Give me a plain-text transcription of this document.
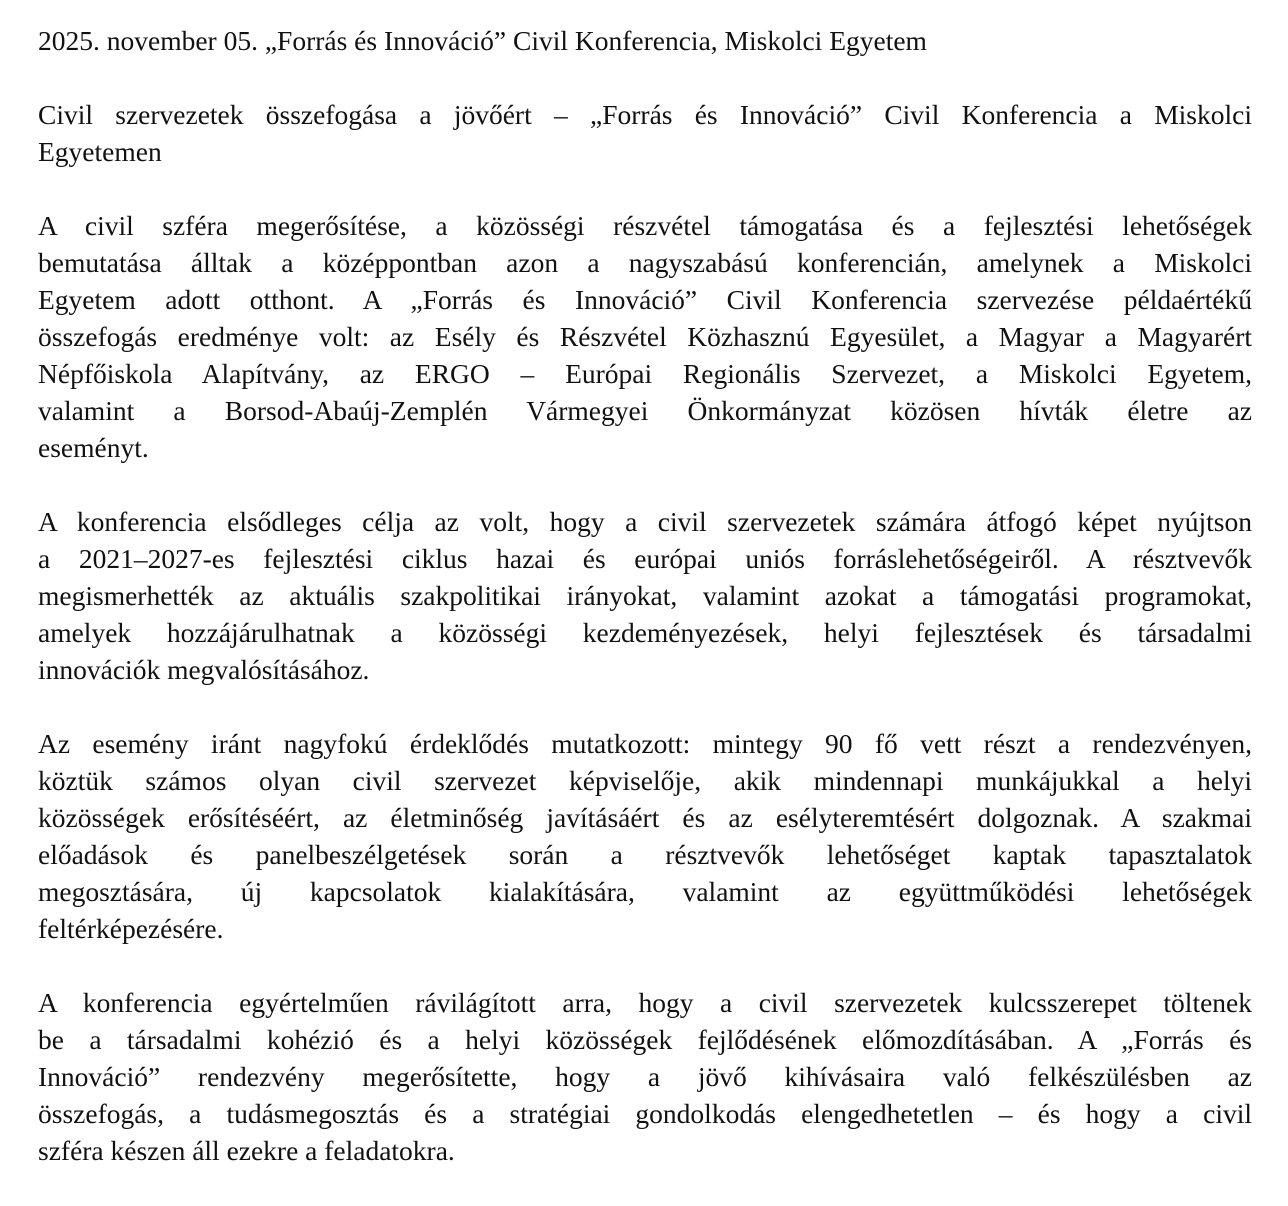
2025. november 05. „Forrás és Innováció” Civil Konferencia, Miskolci Egyetem
Civil szervezetek összefogása a jövőért – „Forrás és Innováció” Civil Konferencia a Miskolci
Egyetemen
A civil szféra megerősítése, a közösségi részvétel támogatása és a fejlesztési lehetőségek
bemutatása álltak a középpontban azon a nagyszabású konferencián, amelynek a Miskolci
Egyetem adott otthont. A „Forrás és Innováció” Civil Konferencia szervezése példaértékű
összefogás eredménye volt: az Esély és Részvétel Közhasznú Egyesület, a Magyar a Magyarért
Népfőiskola Alapítvány, az ERGO – Európai Regionális Szervezet, a Miskolci Egyetem,
valamint a Borsod-Abaúj-Zemplén Vármegyei Önkormányzat közösen hívták életre az
eseményt.
A konferencia elsődleges célja az volt, hogy a civil szervezetek számára átfogó képet nyújtson
a 2021–2027-es fejlesztési ciklus hazai és európai uniós forráslehetőségeiről. A résztvevők
megismerhették az aktuális szakpolitikai irányokat, valamint azokat a támogatási programokat,
amelyek hozzájárulhatnak a közösségi kezdeményezések, helyi fejlesztések és társadalmi
innovációk megvalósításához.
Az esemény iránt nagyfokú érdeklődés mutatkozott: mintegy 90 fő vett részt a rendezvényen,
köztük számos olyan civil szervezet képviselője, akik mindennapi munkájukkal a helyi
közösségek erősítéséért, az életminőség javításáért és az esélyteremtésért dolgoznak. A szakmai
előadások és panelbeszélgetések során a résztvevők lehetőséget kaptak tapasztalatok
megosztására, új kapcsolatok kialakítására, valamint az együttműködési lehetőségek
feltérképezésére.
A konferencia egyértelműen rávilágított arra, hogy a civil szervezetek kulcsszerepet töltenek
be a társadalmi kohézió és a helyi közösségek fejlődésének előmozdításában. A „Forrás és
Innováció” rendezvény megerősítette, hogy a jövő kihívásaira való felkészülésben az
összefogás, a tudásmegosztás és a stratégiai gondolkodás elengedhetetlen – és hogy a civil
szféra készen áll ezekre a feladatokra.
